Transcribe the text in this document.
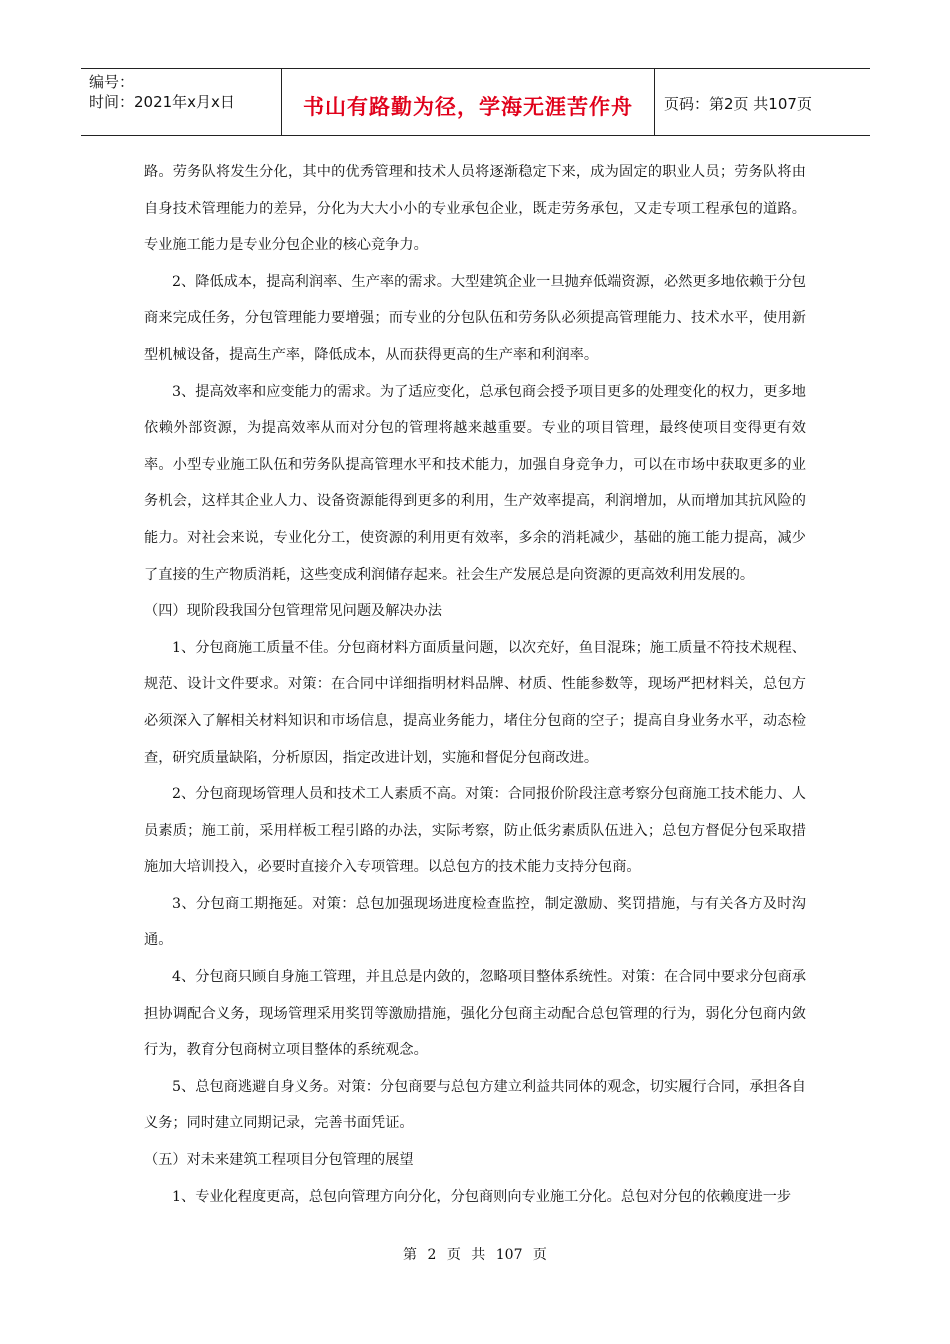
编号：
时间：2021年x月x日	书山有路勤为径，学海无涯苦作舟	页码：第2页 共107页

路。劳务队将发生分化，其中的优秀管理和技术人员将逐渐稳定下来，成为固定的职业人员；劳务队将由自身技术管理能力的差异，分化为大大小小的专业承包企业，既走劳务承包，又走专项工程承包的道路。专业施工能力是专业分包企业的核心竞争力。

2、降低成本，提高利润率、生产率的需求。大型建筑企业一旦抛弃低端资源，必然更多地依赖于分包商来完成任务，分包管理能力要增强；而专业的分包队伍和劳务队必须提高管理能力、技术水平，使用新型机械设备，提高生产率，降低成本，从而获得更高的生产率和利润率。

3、提高效率和应变能力的需求。为了适应变化，总承包商会授予项目更多的处理变化的权力，更多地依赖外部资源，为提高效率从而对分包的管理将越来越重要。专业的项目管理，最终使项目变得更有效率。小型专业施工队伍和劳务队提高管理水平和技术能力，加强自身竞争力，可以在市场中获取更多的业务机会，这样其企业人力、设备资源能得到更多的利用，生产效率提高，利润增加，从而增加其抗风险的能力。对社会来说，专业化分工，使资源的利用更有效率，多余的消耗减少，基础的施工能力提高，减少了直接的生产物质消耗，这些变成利润储存起来。社会生产发展总是向资源的更高效利用发展的。

（四）现阶段我国分包管理常见问题及解决办法

1、分包商施工质量不佳。分包商材料方面质量问题，以次充好，鱼目混珠；施工质量不符技术规程、规范、设计文件要求。对策：在合同中详细指明材料品牌、材质、性能参数等，现场严把材料关，总包方必须深入了解相关材料知识和市场信息，提高业务能力，堵住分包商的空子；提高自身业务水平，动态检查，研究质量缺陷，分析原因，指定改进计划，实施和督促分包商改进。

2、分包商现场管理人员和技术工人素质不高。对策：合同报价阶段注意考察分包商施工技术能力、人员素质；施工前，采用样板工程引路的办法，实际考察，防止低劣素质队伍进入；总包方督促分包采取措施加大培训投入，必要时直接介入专项管理。以总包方的技术能力支持分包商。

3、分包商工期拖延。对策：总包加强现场进度检查监控，制定激励、奖罚措施，与有关各方及时沟通。

4、分包商只顾自身施工管理，并且总是内敛的，忽略项目整体系统性。对策：在合同中要求分包商承担协调配合义务，现场管理采用奖罚等激励措施，强化分包商主动配合总包管理的行为，弱化分包商内敛行为，教育分包商树立项目整体的系统观念。

5、总包商逃避自身义务。对策：分包商要与总包方建立利益共同体的观念，切实履行合同，承担各自义务；同时建立同期记录，完善书面凭证。

（五）对未来建筑工程项目分包管理的展望

1、专业化程度更高，总包向管理方向分化，分包商则向专业施工分化。总包对分包的依赖度进一步

第 2 页 共 107 页
